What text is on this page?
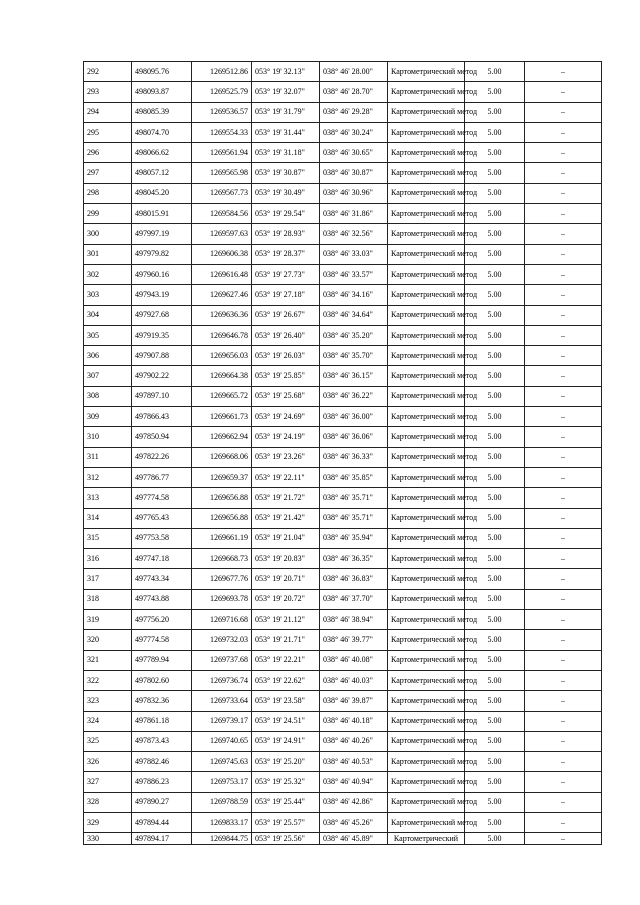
292	498095.76	1269512.86	053° 19' 32.13"	038° 46' 28.00"	Картометрический метод	5.00	–
293	498093.87	1269525.79	053° 19' 32.07"	038° 46' 28.70"	Картометрический метод	5.00	–
294	498085.39	1269536.57	053° 19' 31.79"	038° 46' 29.28"	Картометрический метод	5.00	–
295	498074.70	1269554.33	053° 19' 31.44"	038° 46' 30.24"	Картометрический метод	5.00	–
296	498066.62	1269561.94	053° 19' 31.18"	038° 46' 30.65"	Картометрический метод	5.00	–
297	498057.12	1269565.98	053° 19' 30.87"	038° 46' 30.87"	Картометрический метод	5.00	–
298	498045.20	1269567.73	053° 19' 30.49"	038° 46' 30.96"	Картометрический метод	5.00	–
299	498015.91	1269584.56	053° 19' 29.54"	038° 46' 31.86"	Картометрический метод	5.00	–
300	497997.19	1269597.63	053° 19' 28.93"	038° 46' 32.56"	Картометрический метод	5.00	–
301	497979.82	1269606.38	053° 19' 28.37"	038° 46' 33.03"	Картометрический метод	5.00	–
302	497960.16	1269616.48	053° 19' 27.73"	038° 46' 33.57"	Картометрический метод	5.00	–
303	497943.19	1269627.46	053° 19' 27.18"	038° 46' 34.16"	Картометрический метод	5.00	–
304	497927.68	1269636.36	053° 19' 26.67"	038° 46' 34.64"	Картометрический метод	5.00	–
305	497919.35	1269646.78	053° 19' 26.40"	038° 46' 35.20"	Картометрический метод	5.00	–
306	497907.88	1269656.03	053° 19' 26.03"	038° 46' 35.70"	Картометрический метод	5.00	–
307	497902.22	1269664.38	053° 19' 25.85"	038° 46' 36.15"	Картометрический метод	5.00	–
308	497897.10	1269665.72	053° 19' 25.68"	038° 46' 36.22"	Картометрический метод	5.00	–
309	497866.43	1269661.73	053° 19' 24.69"	038° 46' 36.00"	Картометрический метод	5.00	–
310	497850.94	1269662.94	053° 19' 24.19"	038° 46' 36.06"	Картометрический метод	5.00	–
311	497822.26	1269668.06	053° 19' 23.26"	038° 46' 36.33"	Картометрический метод	5.00	–
312	497786.77	1269659.37	053° 19' 22.11"	038° 46' 35.85"	Картометрический метод	5.00	–
313	497774.58	1269656.88	053° 19' 21.72"	038° 46' 35.71"	Картометрический метод	5.00	–
314	497765.43	1269656.88	053° 19' 21.42"	038° 46' 35.71"	Картометрический метод	5.00	–
315	497753.58	1269661.19	053° 19' 21.04"	038° 46' 35.94"	Картометрический метод	5.00	–
316	497747.18	1269668.73	053° 19' 20.83"	038° 46' 36.35"	Картометрический метод	5.00	–
317	497743.34	1269677.76	053° 19' 20.71"	038° 46' 36.83"	Картометрический метод	5.00	–
318	497743.88	1269693.78	053° 19' 20.72"	038° 46' 37.70"	Картометрический метод	5.00	–
319	497756.20	1269716.68	053° 19' 21.12"	038° 46' 38.94"	Картометрический метод	5.00	–
320	497774.58	1269732.03	053° 19' 21.71"	038° 46' 39.77"	Картометрический метод	5.00	–
321	497789.94	1269737.68	053° 19' 22.21"	038° 46' 40.08"	Картометрический метод	5.00	–
322	497802.60	1269736.74	053° 19' 22.62"	038° 46' 40.03"	Картометрический метод	5.00	–
323	497832.36	1269733.64	053° 19' 23.58"	038° 46' 39.87"	Картометрический метод	5.00	–
324	497861.18	1269739.17	053° 19' 24.51"	038° 46' 40.18"	Картометрический метод	5.00	–
325	497873.43	1269740.65	053° 19' 24.91"	038° 46' 40.26"	Картометрический метод	5.00	–
326	497882.46	1269745.63	053° 19' 25.20"	038° 46' 40.53"	Картометрический метод	5.00	–
327	497886.23	1269753.17	053° 19' 25.32"	038° 46' 40.94"	Картометрический метод	5.00	–
328	497890.27	1269788.59	053° 19' 25.44"	038° 46' 42.86"	Картометрический метод	5.00	–
329	497894.44	1269833.17	053° 19' 25.57"	038° 46' 45.26"	Картометрический метод	5.00	–
330	497894.17	1269844.75	053° 19' 25.56"	038° 46' 45.89"	Картометрический	5.00	–
